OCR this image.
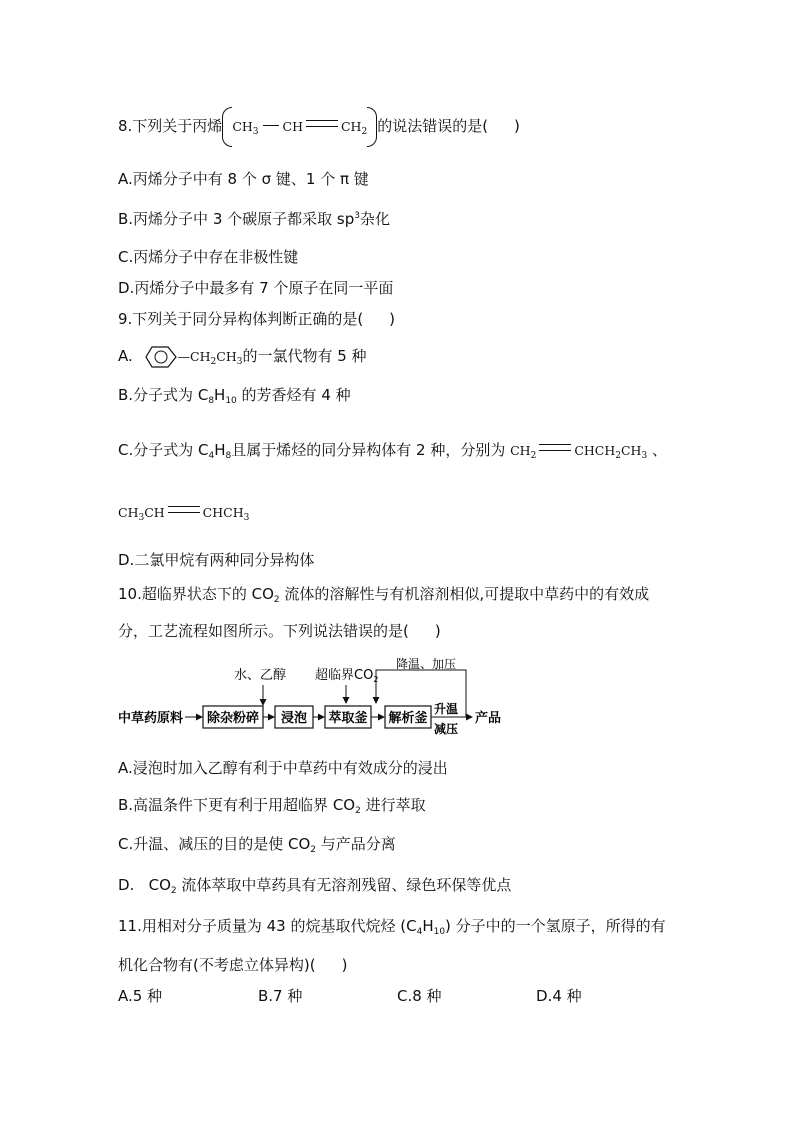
8.下列关于丙烯 $CH_3$ CH	$CH_2$ 的说法错误的是( )
A.丙烯分子中有 8 个 σ 键、1 个 π 键
B.丙烯分子中 3 个碳原子都采取 $sp^3$杂化
C.丙烯分子中存在非极性键
D.丙烯分子中最多有 7 个原子在同一平面
9.下列关于同分异构体判断正确的是( )
A.	$—CH_2CH_3$的一氯代物有 5 种
B.分子式为 $C_8H_{10}$ 的芳香烃有 4 种
C.分子式为 $C_4H_8$且属于烯烃的同分异构体有 2 种，分别为 $CH_2$	$CHCH_2CH_3$ 、
$CH_3CH$	$CHCH_3$
D.二氯甲烷有两种同分异构体
10.超临界状态下的 $CO_2$ 流体的溶解性与有机溶剂相似,可提取中草药中的有效成
分，工艺流程如图所示。下列说法错误的是( )
水、乙醇 超临界$CO_2$
降温、加压
中草药原料 除杂粉碎 浸泡 萃取釜 解析釜
升温
减压
产品
A.浸泡时加入乙醇有利于中草药中有效成分的浸出
B.高温条件下更有利于用超临界 $CO_2$ 进行萃取
C.升温、减压的目的是使 $CO_2$ 与产品分离
D.   $CO_2$ 流体萃取中草药具有无溶剂残留、绿色环保等优点
11.用相对分子质量为 43 的烷基取代烷烃 $(C_4H_{10})$ 分子中的一个氢原子，所得的有
机化合物有(不考虑立体异构)( )
A.5 种	B.7 种	C.8 种	D.4 种
